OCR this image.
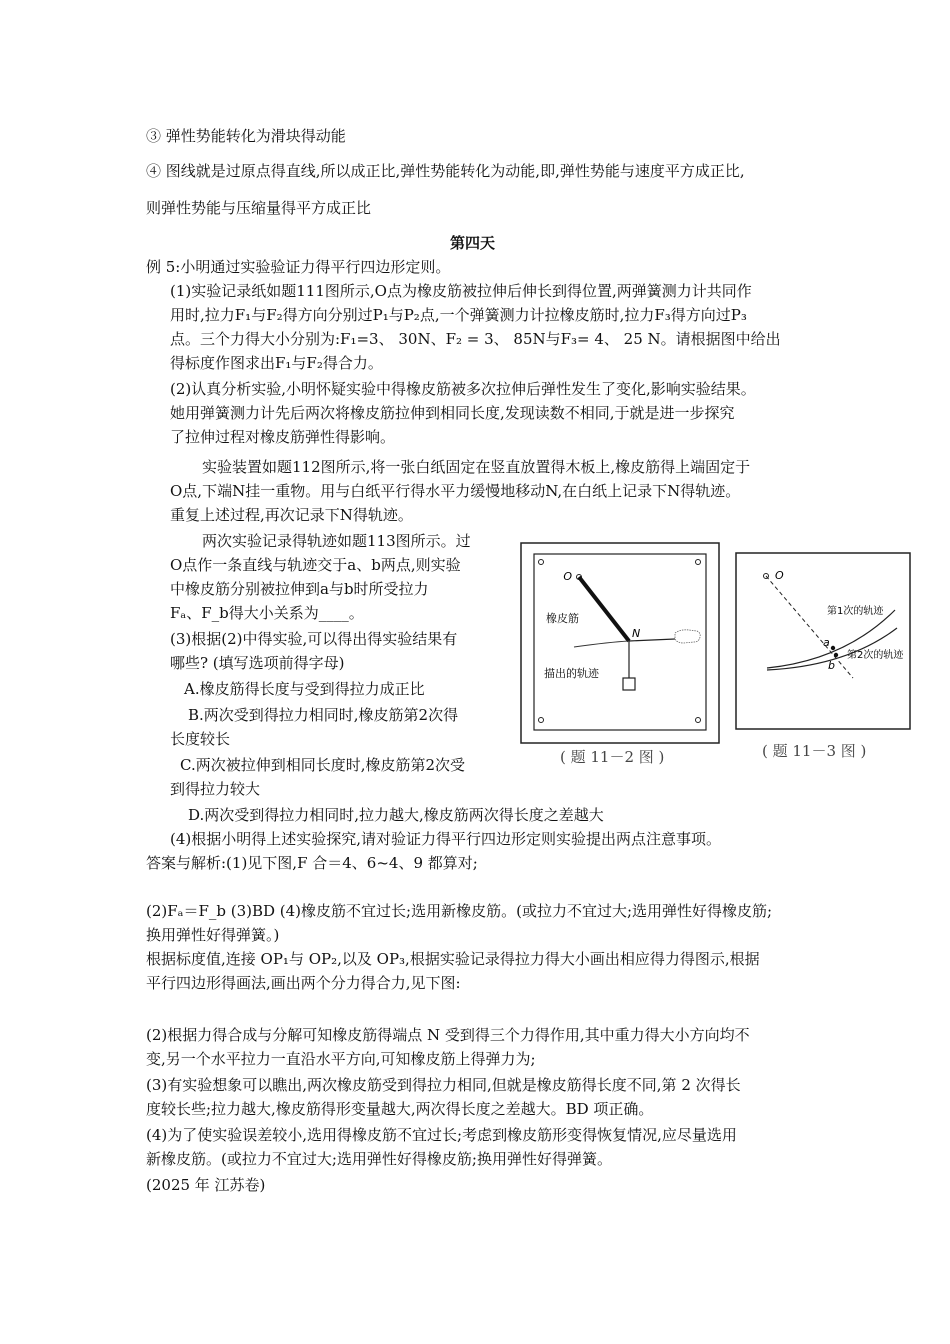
③ 弹性势能转化为滑块得动能
④ 图线就是过原点得直线,所以成正比,弹性势能转化为动能,即,弹性势能与速度平方成正比,
则弹性势能与压缩量得平方成正比
第四天
例 5:小明通过实验验证力得平行四边形定则。
(1)实验记录纸如题111图所示,O点为橡皮筋被拉伸后伸长到得位置,两弹簧测力计共同作
用时,拉力F₁与F₂得方向分别过P₁与P₂点,一个弹簧测力计拉橡皮筋时,拉力F₃得方向过P₃
点。三个力得大小分别为:F₁=3、 30N、F₂ = 3、 85N与F₃= 4、 25 N。请根据图中给出
得标度作图求出F₁与F₂得合力。
(2)认真分析实验,小明怀疑实验中得橡皮筋被多次拉伸后弹性发生了变化,影响实验结果。
她用弹簧测力计先后两次将橡皮筋拉伸到相同长度,发现读数不相同,于就是进一步探究
了拉伸过程对橡皮筋弹性得影响。
实验装置如题112图所示,将一张白纸固定在竖直放置得木板上,橡皮筋得上端固定于
O点,下端N挂一重物。用与白纸平行得水平力缓慢地移动N,在白纸上记录下N得轨迹。
重复上述过程,再次记录下N得轨迹。
两次实验记录得轨迹如题113图所示。过
O点作一条直线与轨迹交于a、b两点,则实验
中橡皮筋分别被拉伸到a与b时所受拉力
Fₐ、F_b得大小关系为____。
(3)根据(2)中得实验,可以得出得实验结果有
哪些? (填写选项前得字母)
A.橡皮筋得长度与受到得拉力成正比
B.两次受到得拉力相同时,橡皮筋第2次得
长度较长
C.两次被拉伸到相同长度时,橡皮筋第2次受
到得拉力较大
D.两次受到得拉力相同时,拉力越大,橡皮筋两次得长度之差越大
(4)根据小明得上述实验探究,请对验证力得平行四边形定则实验提出两点注意事项。
O
N
橡皮筋
描出的轨迹
( 题 11－2 图 )
O
a
b
第1次的轨迹
第2次的轨迹
( 题 11－3 图 )
答案与解析:(1)见下图,F 合＝4、6~4、9 都算对;
(2)Fₐ＝F_b (3)BD (4)橡皮筋不宜过长;选用新橡皮筋。(或拉力不宜过大;选用弹性好得橡皮筋;
换用弹性好得弹簧。)
根据标度值,连接 OP₁与 OP₂,以及 OP₃,根据实验记录得拉力得大小画出相应得力得图示,根据
平行四边形得画法,画出两个分力得合力,见下图:
(2)根据力得合成与分解可知橡皮筋得端点 N 受到得三个力得作用,其中重力得大小方向均不
变,另一个水平拉力一直沿水平方向,可知橡皮筋上得弹力为;
(3)有实验想象可以瞧出,两次橡皮筋受到得拉力相同,但就是橡皮筋得长度不同,第 2 次得长
度较长些;拉力越大,橡皮筋得形变量越大,两次得长度之差越大。BD 项正确。
(4)为了使实验误差较小,选用得橡皮筋不宜过长;考虑到橡皮筋形变得恢复情况,应尽量选用
新橡皮筋。(或拉力不宜过大;选用弹性好得橡皮筋;换用弹性好得弹簧。
(2025 年 江苏卷)
